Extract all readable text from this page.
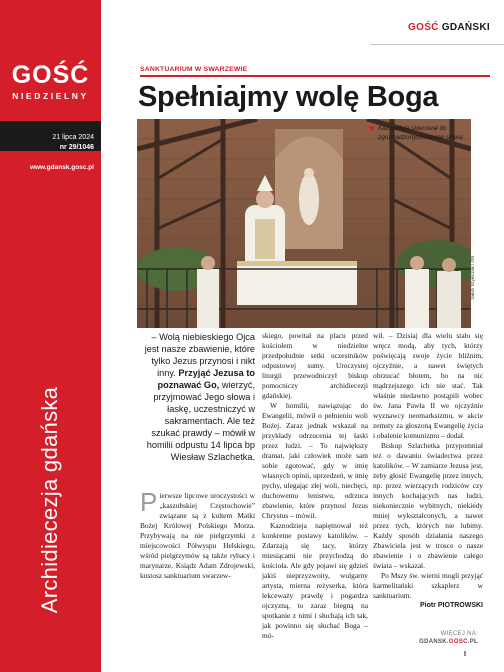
GOŚĆ
NIEDZIELNY
21 lipca 2024
nr 29/1046
www.gdansk.gosc.pl
Archidiecezja gdańska
GOŚĆ GDAŃSKI
SANKTUARIUM W SWARZEWIE
Spełniajmy wolę Boga
Kazodzieja skierował do zgromadzonych mocne słowa.
Jakub Szymczak / GN

– Wolą niebieskiego Ojca jest nasze zbawienie, które tylko Jezus przynosi i nikt inny. Przyjąć Jezusa to poznawać Go, wierzyć, przyjmować Jego słowa i łaskę, uczestniczyć w sakramentach. Ale też szukać prawdy – mówił w homilii odpustu 14 lipca bp Wiesław Szlachetka.

Pierwsze lipcowe uroczystości w „kaszubskiej Częstochowie” związane są z kultem Matki Bożej Królowej Polskiego Morza. Przybywają na nie pielgrzymki z miejscowości Półwyspu Helskiego, wśród pielgrzymów są także rybacy i marynarze. Ksiądz Adam Zdrojewski, kustosz sanktuarium swarzew-

skiego, powitał na placu przed kościołem w niedzielne przedpołudnie setki uczestników odpustowej sumy. Uroczystej liturgii przewodniczył biskup pomocniczy archidiecezji gdańskiej.

W homilii, nawiązując do Ewangelii, mówił o pełnieniu woli Bożej. Zaraz jednak wskazał na przykłady odrzucenia tej łaski przez ludzi. – To największy dramat, jaki człowiek może sam sobie zgotować, gdy w imię własnych opinii, uprzedzeń, w imię pychy, ulegając złej woli, niechęci, duchowemu lenistwu, odrzuca zbawienie, które przynosi Jezus Chrystus – mówił.

Kaznodzieja napiętnował też konkretne postawy katolików. – Zdarzają się tacy, którzy miesiącami nie przychodzą do kościoła. Ale gdy pojawi się gdzieś jakiś nieprzyzwoity, wulgarny artysta, mierna reżyserka, która lekceważy prawdę i pogardza ojczyzną, to zaraz biegną na spotkanie z nimi i słuchają ich tak, jak powinno się słuchać Boga – mó-

wił. – Dzisiaj dla wielu stało się wręcz modą, aby tych, którzy poświęcają swoje życie bliźnim, ojczyźnie, a nawet świętych obrzucać błotem, bo na nic mądrzejszego ich nie stać. Tak właśnie niedawno postąpili wobec św. Jana Pawła II we ojczyźnie wyznawcy neomarksizmu, w akcie zemsty za głoszoną Ewangelię życia i obalenie komunizmu – dodał.

Biskup Szlachetka przypomniał też o dawaniu świadectwa przez katolików. – W zamiarze Jezusa jest, żeby głosić Ewangelię przez innych, np. przez wierzących rodziców czy innych kochających nas ludzi, niekoniecznie wybitnych, niekiedy mniej wykształconych, a nawet przez tych, których nie lubimy. Każdy sposób działania naszego Zbawiciela jest w trosce o nasze zbawienie i o zbawienie całego świata – wskazał.

Po Mszy św. wierni mogli przyjąć karmelitański szkaplerz w sanktuarium.

Piotr PIOTROWSKI

WIĘCEJ NA:
GDANSK.GOSC.PL
I
